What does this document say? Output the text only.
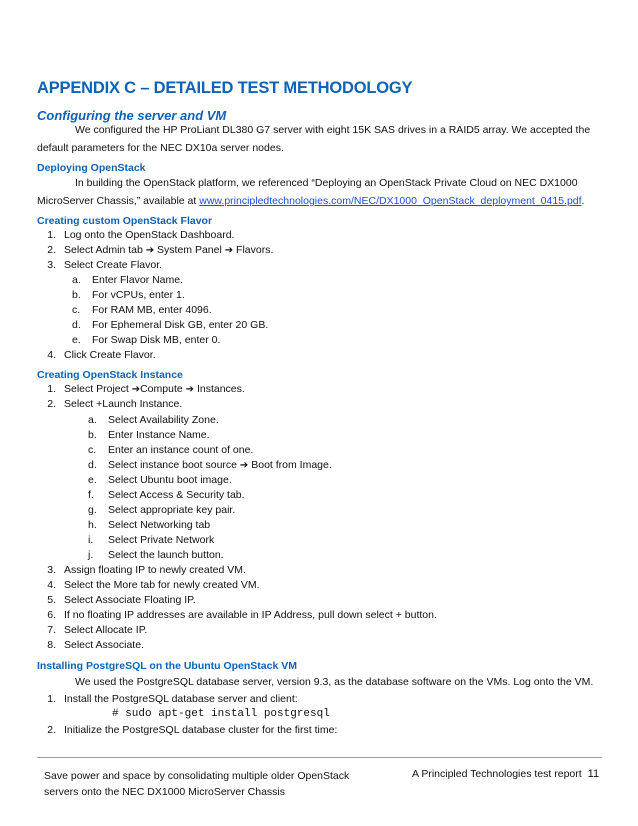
APPENDIX C – DETAILED TEST METHODOLOGY
Configuring the server and VM
We configured the HP ProLiant DL380 G7 server with eight 15K SAS drives in a RAID5 array. We accepted the
default parameters for the NEC DX10a server nodes.
Deploying OpenStack
In building the OpenStack platform, we referenced “Deploying an OpenStack Private Cloud on NEC DX1000
MicroServer Chassis,” available at www.principledtechnologies.com/NEC/DX1000_OpenStack_deployment_0415.pdf.
Creating custom OpenStack Flavor
1. Log onto the OpenStack Dashboard.
2. Select Admin tab ➔ System Panel ➔ Flavors.
3. Select Create Flavor.
a. Enter Flavor Name.
b. For vCPUs, enter 1.
c. For RAM MB, enter 4096.
d. For Ephemeral Disk GB, enter 20 GB.
e. For Swap Disk MB, enter 0.
4. Click Create Flavor.
Creating OpenStack Instance
1. Select Project ➔Compute ➔ Instances.
2. Select +Launch Instance.
a. Select Availability Zone.
b. Enter Instance Name.
c. Enter an instance count of one.
d. Select instance boot source ➔ Boot from Image.
e. Select Ubuntu boot image.
f. Select Access & Security tab.
g. Select appropriate key pair.
h. Select Networking tab
i. Select Private Network
j. Select the launch button.
3. Assign floating IP to newly created VM.
4. Select the More tab for newly created VM.
5. Select Associate Floating IP.
6. If no floating IP addresses are available in IP Address, pull down select + button.
7. Select Allocate IP.
8. Select Associate.
Installing PostgreSQL on the Ubuntu OpenStack VM
We used the PostgreSQL database server, version 9.3, as the database software on the VMs. Log onto the VM.
1. Install the PostgreSQL database server and client:
# sudo apt-get install postgresql
2. Initialize the PostgreSQL database cluster for the first time:
Save power and space by consolidating multiple older OpenStack servers onto the NEC DX1000 MicroServer Chassis
A Principled Technologies test report 11
